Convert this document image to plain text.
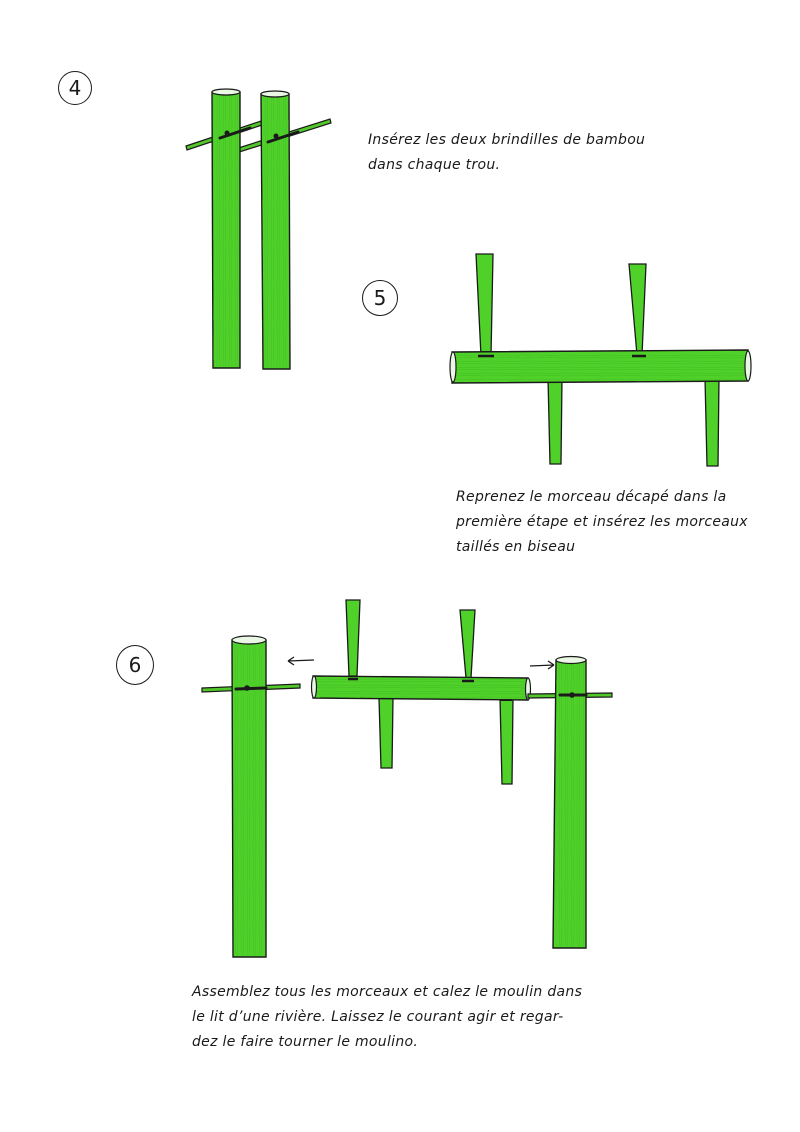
4
5
6
Insérez les deux brindilles de bambou
dans chaque trou.
Reprenez le morceau décapé dans la
première étape et insérez les morceaux
taillés en biseau
Assemblez tous les morceaux et calez le moulin dans
le lit d’une rivière. Laissez le courant agir et regar-
dez le faire tourner le moulino.
